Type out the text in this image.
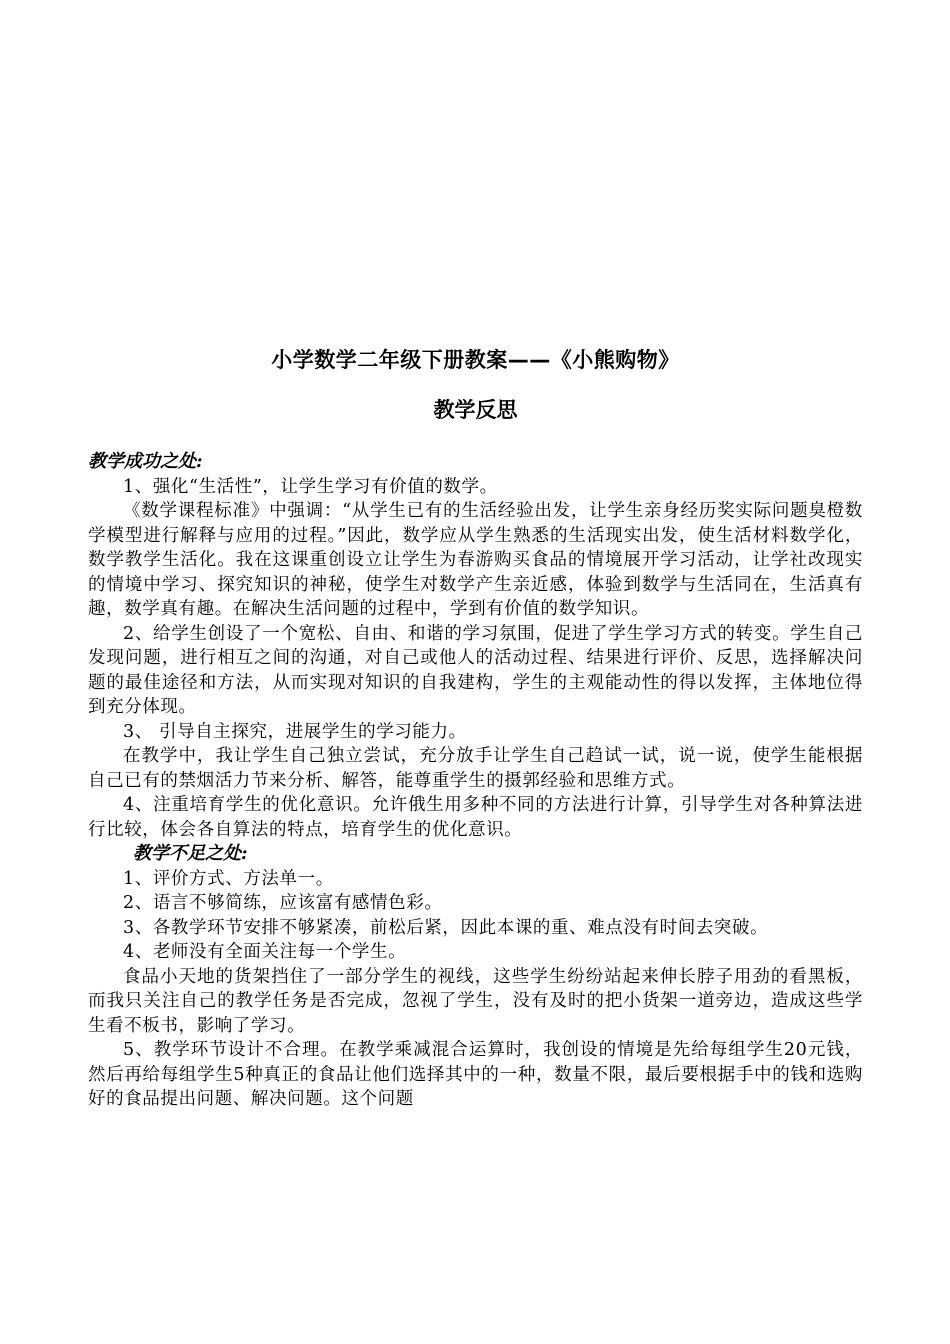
小学数学二年级下册教案——《小熊购物》
教学反思

教学成功之处:

1、强化“生活性”，让学生学习有价值的数学。

《数学课程标准》中强调：“从学生已有的生活经验出发，让学生亲身经历奖实际问题臭橙数学模型进行解释与应用的过程。”因此，数学应从学生熟悉的生活现实出发，使生活材料数学化，数学教学生活化。我在这课重创设立让学生为春游购买食品的情境展开学习活动，让学社改现实的情境中学习、探究知识的神秘，使学生对数学产生亲近感，体验到数学与生活同在，生活真有趣，数学真有趣。在解决生活问题的过程中，学到有价值的数学知识。

2、给学生创设了一个宽松、自由、和谐的学习氛围，促进了学生学习方式的转变。学生自己发现问题，进行相互之间的沟通，对自己或他人的活动过程、结果进行评价、反思，选择解决问题的最佳途径和方法，从而实现对知识的自我建构，学生的主观能动性的得以发挥，主体地位得到充分体现。

3、 引导自主探究，进展学生的学习能力。

在教学中，我让学生自己独立尝试，充分放手让学生自己趋试一试，说一说，使学生能根据自己已有的禁烟活力节来分析、解答，能尊重学生的摄郭经验和思维方式。

4、注重培育学生的优化意识。允许俄生用多种不同的方法进行计算，引导学生对各种算法进行比较，体会各自算法的特点，培育学生的优化意识。

教学不足之处:

1、评价方式、方法单一。

2、语言不够简练，应该富有感情色彩。

3、各教学环节安排不够紧凑，前松后紧，因此本课的重、难点没有时间去突破。

4、老师没有全面关注每一个学生。

食品小天地的货架挡住了一部分学生的视线，这些学生纷纷站起来伸长脖子用劲的看黑板，而我只关注自己的教学任务是否完成，忽视了学生，没有及时的把小货架一道旁边，造成这些学生看不板书，影响了学习。

5、教学环节设计不合理。在教学乘减混合运算时，我创设的情境是先给每组学生20元钱，然后再给每组学生5种真正的食品让他们选择其中的一种，数量不限，最后要根据手中的钱和选购好的食品提出问题、解决问题。这个问题
